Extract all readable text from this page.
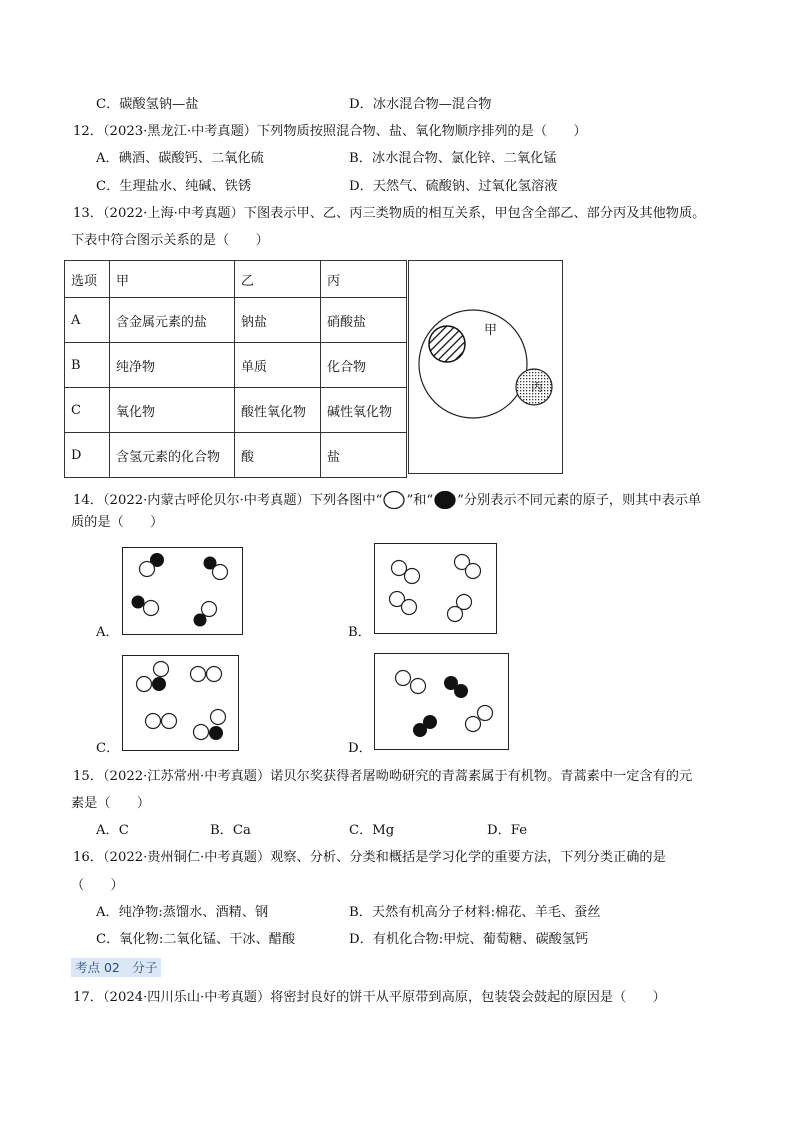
C．碳酸氢钠—盐	D．冰水混合物—混合物
12．（2023·黑龙江·中考真题）下列物质按照混合物、盐、氧化物顺序排列的是（　　）
A．碘酒、碳酸钙、二氧化硫	B．冰水混合物、氯化锌、二氧化锰
C．生理盐水、纯碱、铁锈	D．天然气、硫酸钠、过氧化氢溶液
13．（2022·上海·中考真题）下图表示甲、乙、丙三类物质的相互关系，甲包含全部乙、部分丙及其他物质。
下表中符合图示关系的是（　　）
选项	甲	乙	丙
A	含金属元素的盐	钠盐	硝酸盐
B	纯净物	单质	化合物
C	氧化物	酸性氧化物	碱性氧化物
D	含氢元素的化合物	酸	盐
甲
丙
14．（2022·内蒙古呼伦贝尔·中考真题）下列各图中“ ”和“ ”分别表示不同元素的原子，则其中表示单
质的是（　　）
A．	B．
C．	D．
15．（2022·江苏常州·中考真题）诺贝尔奖获得者屠呦呦研究的青蒿素属于有机物。青蒿素中一定含有的元
素是（　　）
A．C	B．Ca	C．Mg	D．Fe
16．（2022·贵州铜仁·中考真题）观察、分析、分类和概括是学习化学的重要方法，下列分类正确的是
（　　）
A．纯净物:蒸馏水、酒精、钢	B．天然有机高分子材料:棉花、羊毛、蚕丝
C．氧化物:二氧化锰、干冰、醋酸	D．有机化合物:甲烷、葡萄糖、碳酸氢钙
考点 02　分子
17．（2024·四川乐山·中考真题）将密封良好的饼干从平原带到高原，包装袋会鼓起的原因是（　　）
